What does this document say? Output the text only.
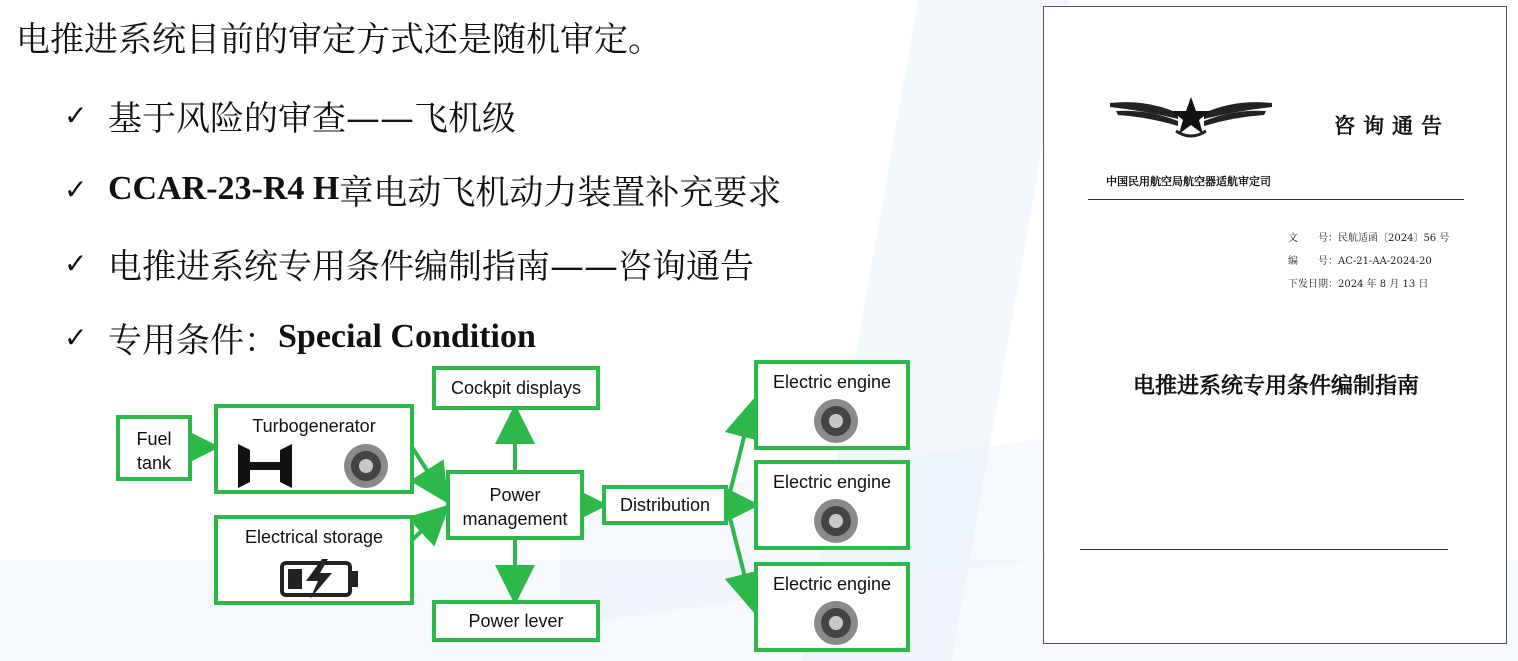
电推进系统目前的审定方式还是随机审定。
✓ 基于风险的审查——飞机级
✓ CCAR-23-R4 H 章电动飞机动力装置补充要求
✓ 电推进系统专用条件编制指南——咨询通告
✓ 专用条件： Special Condition
Fuel
tank
Turbogenerator
Electrical storage
Power
management
Cockpit displays
Power lever
Distribution
Electric engine
Electric engine
Electric engine
咨询通告
中国民用航空局航空器适航审定司
文　　号：民航适函〔2024〕56 号
编　　号：AC-21-AA-2024-20
下发日期：2024 年 8 月 13 日
电推进系统专用条件编制指南
